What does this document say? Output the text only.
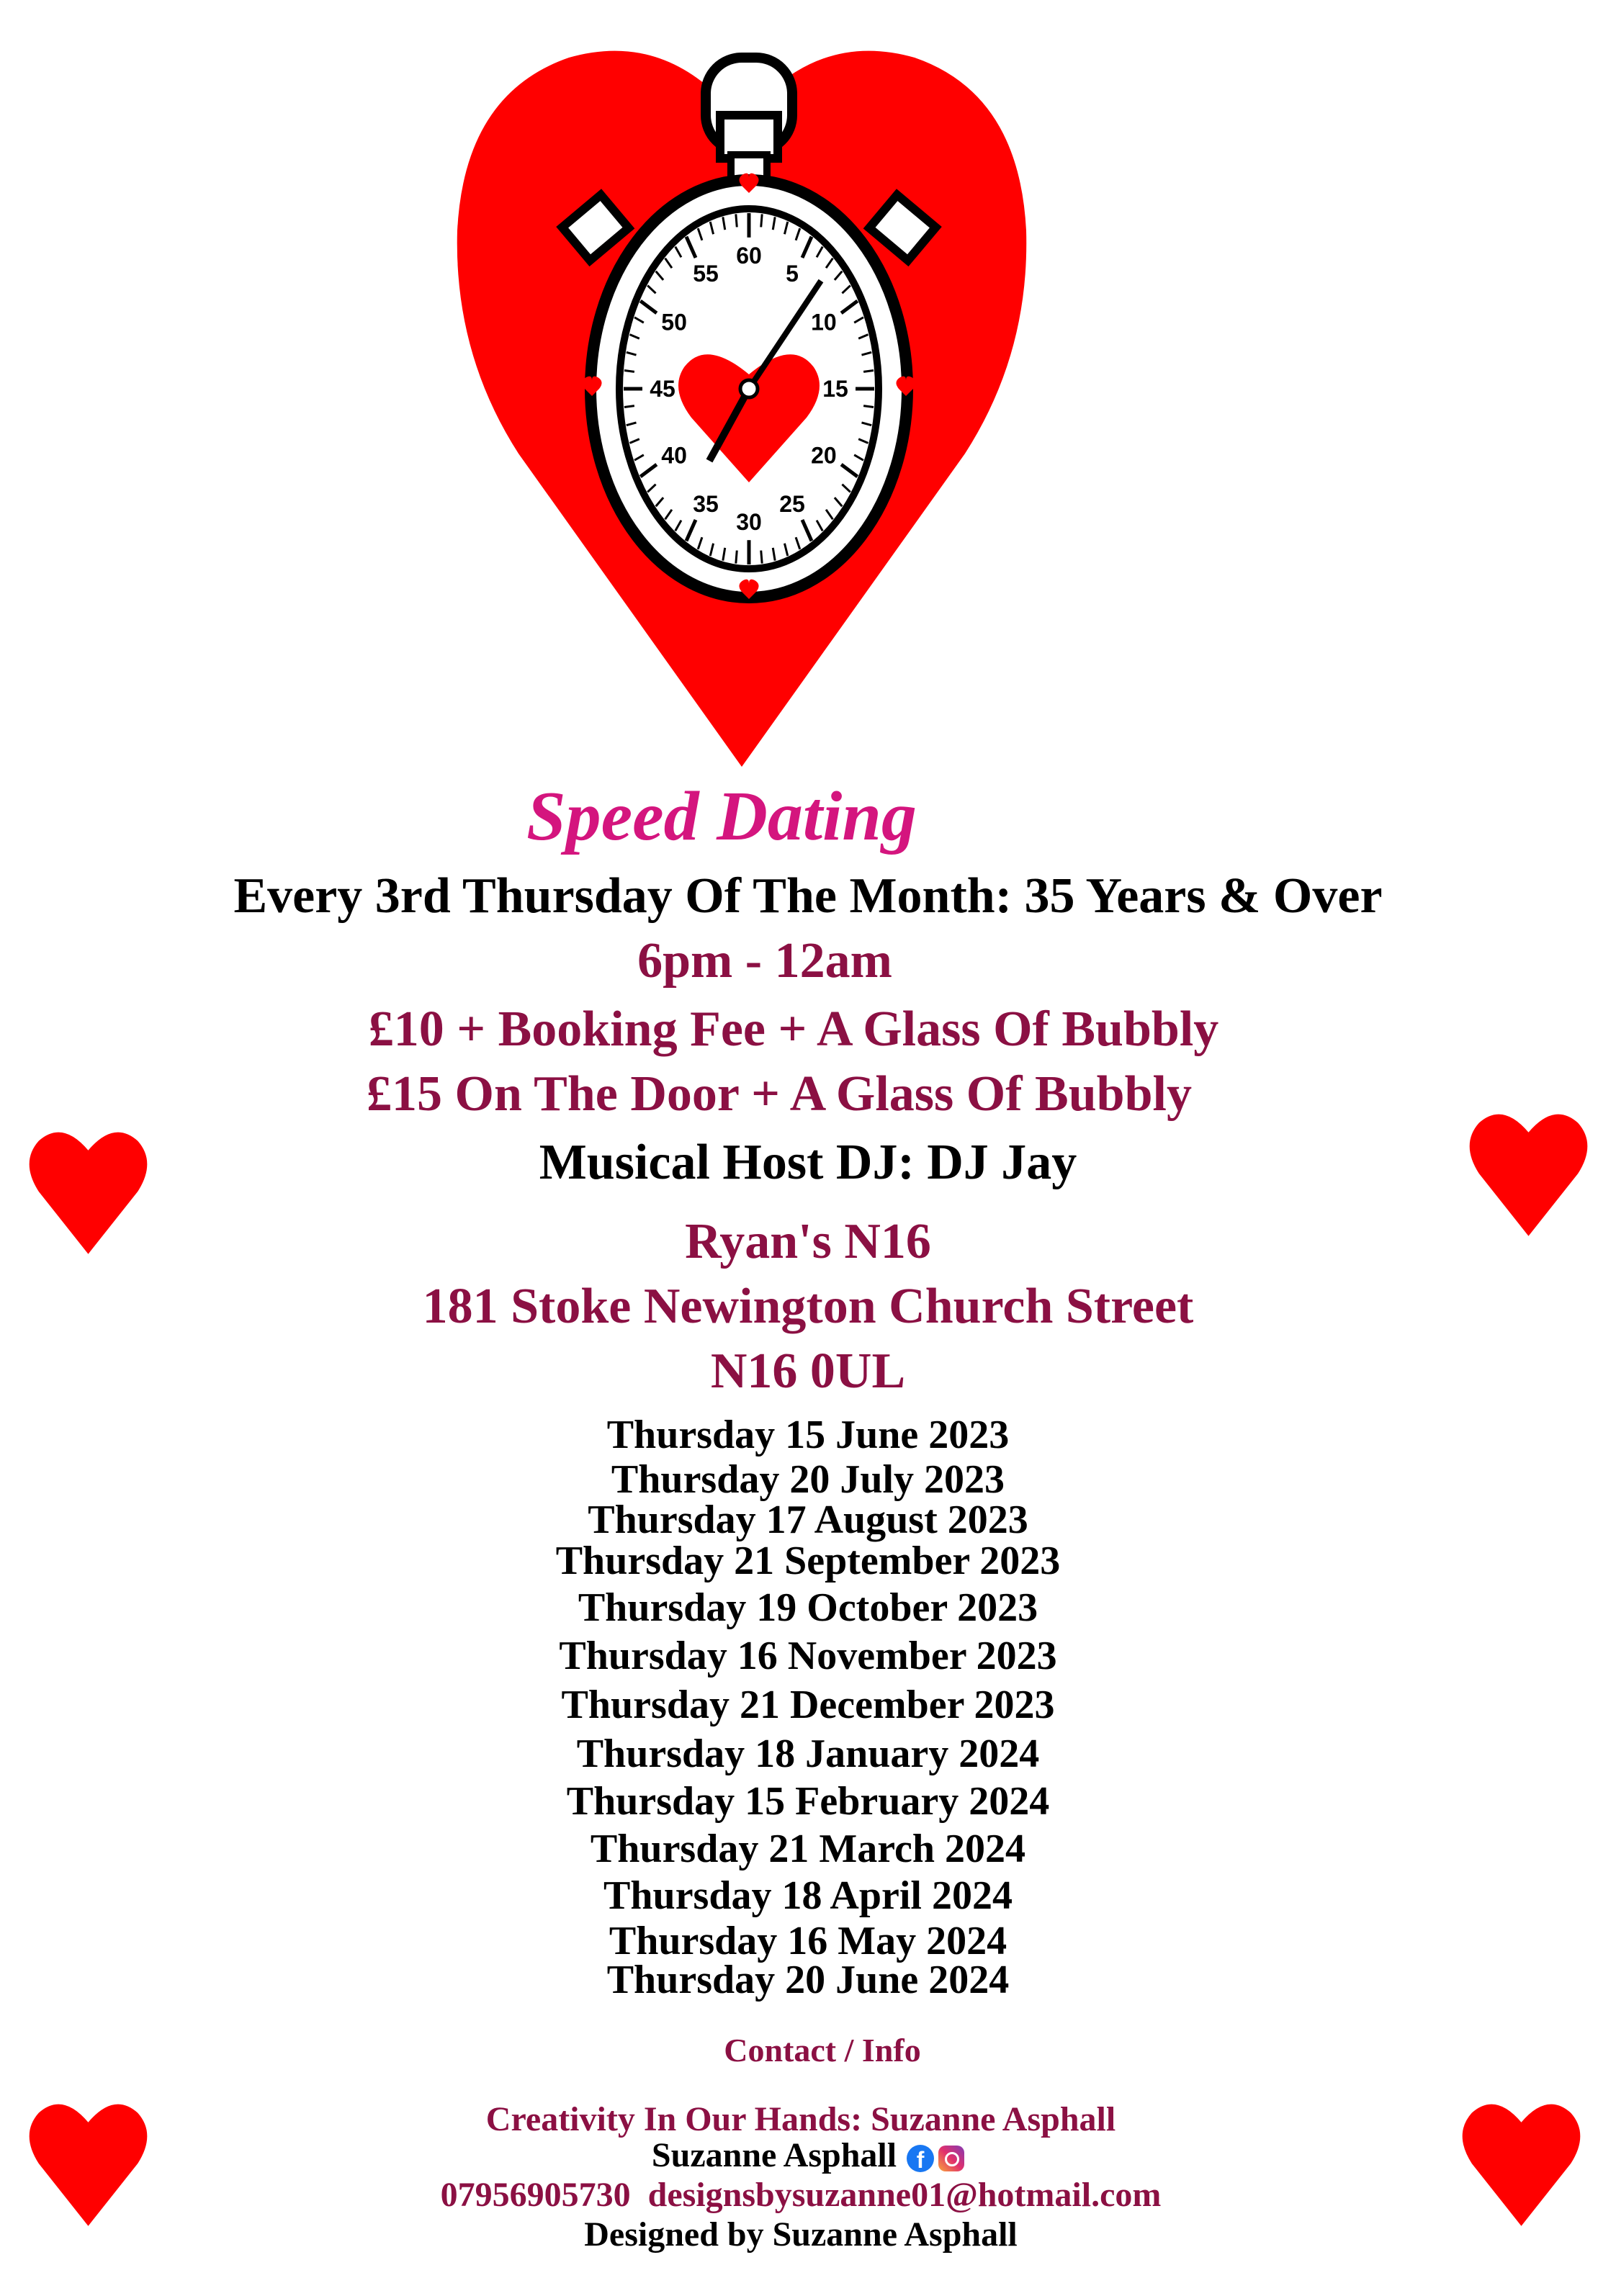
60
5
10
15
20
25
30
35
40
45
50
55
Speed Dating
Every 3rd Thursday Of The Month: 35 Years & Over
6pm - 12am
£10 + Booking Fee + A Glass Of Bubbly
£15 On The Door + A Glass Of Bubbly
Musical Host DJ: DJ Jay
Ryan's N16
181 Stoke Newington Church Street
N16 0UL
Thursday 15 June 2023
Thursday 20 July 2023
Thursday 17 August 2023
Thursday 21 September 2023
Thursday 19 October 2023
Thursday 16 November 2023
Thursday 21 December 2023
Thursday 18 January 2024
Thursday 15 February 2024
Thursday 21 March 2024
Thursday 18 April 2024
Thursday 16 May 2024
Thursday 20 June 2024
Contact / Info
Creativity In Our Hands: Suzanne Asphall
Suzanne Asphall f
07956905730 designsbysuzanne01@hotmail.com
Designed by Suzanne Asphall
